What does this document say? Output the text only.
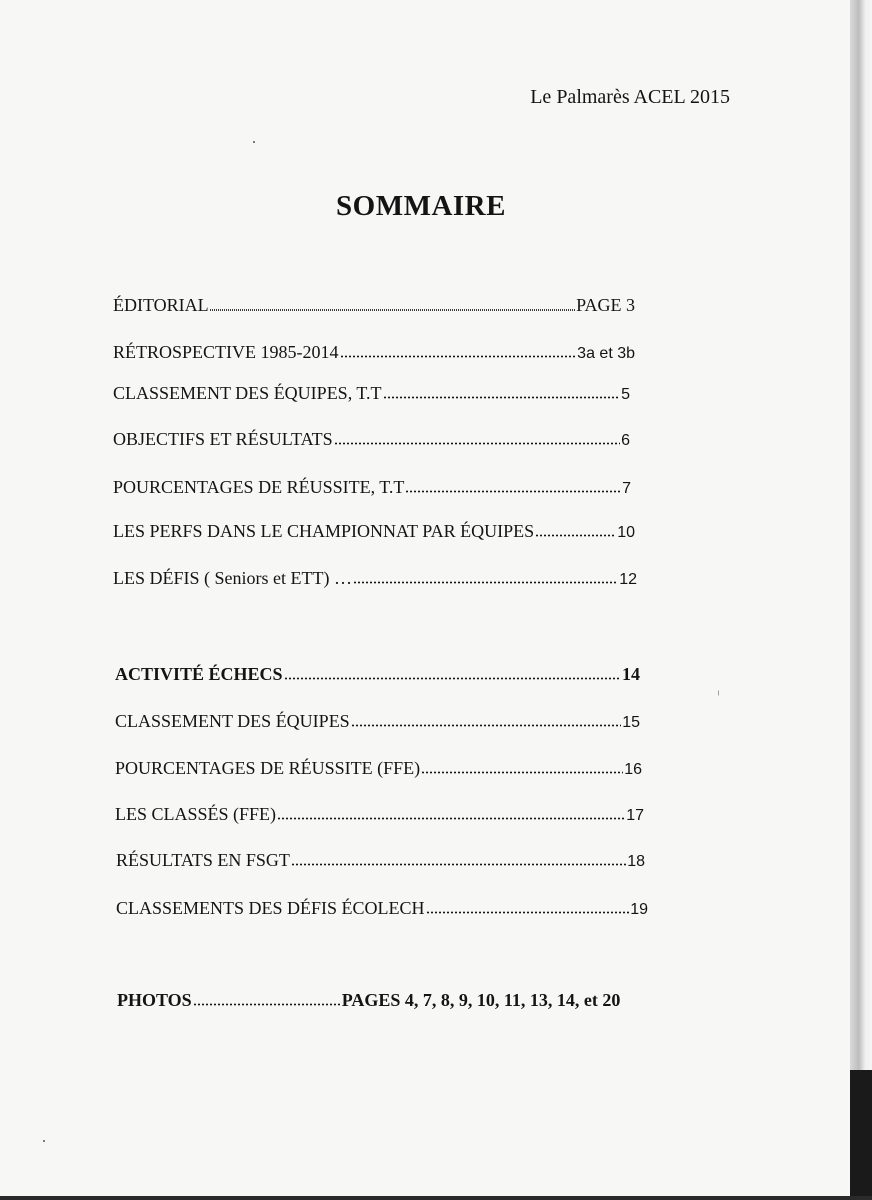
Le Palmarès ACEL 2015
SOMMAIRE
ÉDITORIAL	PAGE 3
RÉTROSPECTIVE 1985-2014	3a et 3b
CLASSEMENT DES ÉQUIPES, T.T	5
OBJECTIFS ET RÉSULTATS	6
POURCENTAGES DE RÉUSSITE, T.T	7
LES PERFS DANS LE CHAMPIONNAT PAR ÉQUIPES	10
LES DÉFIS ( Seniors et ETT) …	12
ACTIVITÉ ÉCHECS	14
CLASSEMENT DES ÉQUIPES	15
POURCENTAGES DE RÉUSSITE (FFE)	16
LES CLASSÉS (FFE)	17
RÉSULTATS EN FSGT	18
CLASSEMENTS DES DÉFIS ÉCOLECH	19
PHOTOS	PAGES 4, 7, 8, 9, 10, 11, 13, 14, et 20
